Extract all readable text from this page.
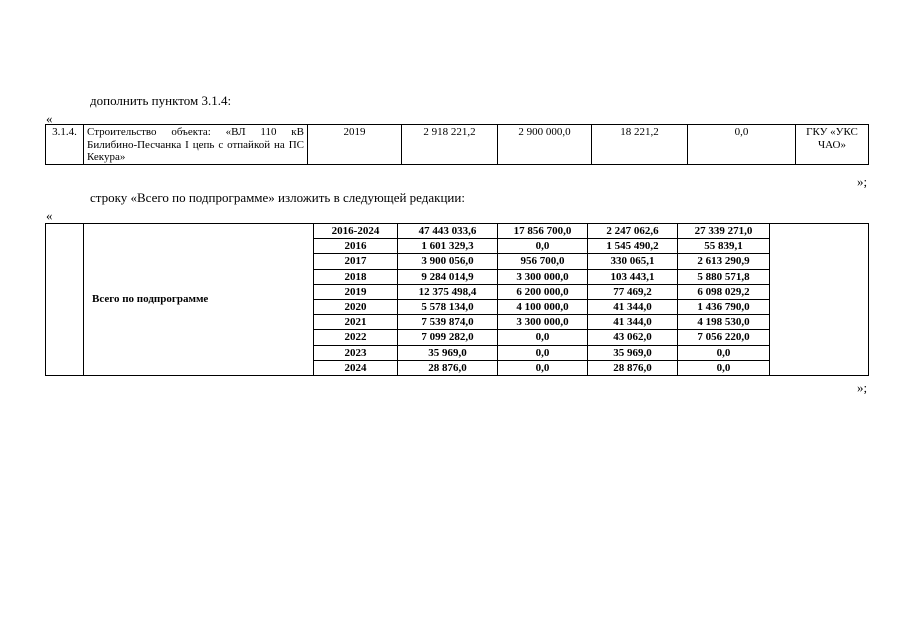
дополнить пунктом 3.1.4:
«
3.1.4.	Строительство объекта: «ВЛ 110 кВ Билибино-Песчанка I цепь с отпайкой на ПС Кекура»	2019	2 918 221,2	2 900 000,0	18 221,2	0,0	ГКУ «УКС ЧАО»
»;
строку «Всего по подпрограмме» изложить в следующей редакции:
«
	Всего по подпрограмме	2016-2024	47 443 033,6	17 856 700,0	2 247 062,6	27 339 271,0	
		2016	1 601 329,3	0,0	1 545 490,2	55 839,1	
		2017	3 900 056,0	956 700,0	330 065,1	2 613 290,9	
		2018	9 284 014,9	3 300 000,0	103 443,1	5 880 571,8	
		2019	12 375 498,4	6 200 000,0	77 469,2	6 098 029,2	
		2020	5 578 134,0	4 100 000,0	41 344,0	1 436 790,0	
		2021	7 539 874,0	3 300 000,0	41 344,0	4 198 530,0	
		2022	7 099 282,0	0,0	43 062,0	7 056 220,0	
		2023	35 969,0	0,0	35 969,0	0,0	
		2024	28 876,0	0,0	28 876,0	0,0	
»;
